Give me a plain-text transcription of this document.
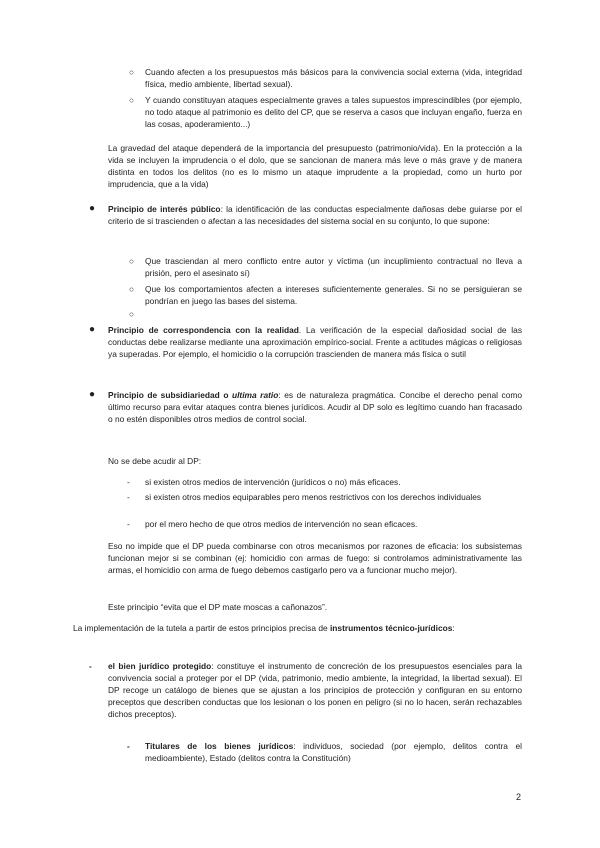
○ Cuando afecten a los presupuestos más básicos para la convivencia social externa (vida, integridad física, medio ambiente, libertad sexual).

○ Y cuando constituyan ataques especialmente graves a tales supuestos imprescindibles (por ejemplo, no todo ataque al patrimonio es delito del CP, que se reserva a casos que incluyan engaño, fuerza en las cosas, apoderamiento...)

La gravedad del ataque dependerá de la importancia del presupuesto (patrimonio/vida). En la protección a la vida se incluyen la imprudencia o el dolo, que se sancionan de manera más leve o más grave y de manera distinta en todos los delitos (no es lo mismo un ataque imprudente a la propiedad, como un hurto por imprudencia, que a la vida)

● Principio de interés público: la identificación de las conductas especialmente dañosas debe guiarse por el criterio de si trascienden o afectan a las necesidades del sistema social en su conjunto, lo que supone:

○ Que trasciendan al mero conflicto entre autor y víctima (un incuplimiento contractual no lleva a prisión, pero el asesinato sí)

○ Que los comportamientos afecten a intereses suficientemente generales. Si no se persiguieran se pondrían en juego las bases del sistema.

○

● Principio de correspondencia con la realidad. La verificación de la especial dañosidad social de las conductas debe realizarse mediante una aproximación empírico-social. Frente a actitudes mágicas o religiosas ya superadas. Por ejemplo, el homicidio o la corrupción trascienden de manera más física o sutil

● Principio de subsidiariedad o ultima ratio: es de naturaleza pragmática. Concibe el derecho penal como último recurso para evitar ataques contra bienes jurídicos. Acudir al DP solo es legítimo cuando han fracasado o no estén disponibles otros medios de control social.

No se debe acudir al DP:

- si existen otros medios de intervención (jurídicos o no) más eficaces.

- si existen otros medios equiparables pero menos restrictivos con los derechos individuales

- por el mero hecho de que otros medios de intervención no sean eficaces.

Eso no impide que el DP pueda combinarse con otros mecanismos por razones de eficacia: los subsistemas funcionan mejor si se combinan (ej: homicidio con armas de fuego: si controlamos administrativamente las armas, el homicidio con arma de fuego debemos castigarlo pero va a funcionar mucho mejor).

Este principio “evita que el DP mate moscas a cañonazos”.

La implementación de la tutela a partir de estos principios precisa de instrumentos técnico-jurídicos:

- el bien jurídico protegido: constituye el instrumento de concreción de los presupuestos esenciales para la convivencia social a proteger por el DP (vida, patrimonio, medio ambiente, la integridad, la libertad sexual). El DP recoge un catálogo de bienes que se ajustan a los principios de protección y configuran en su entorno preceptos que describen conductas que los lesionan o los ponen en peligro (si no lo hacen, serán rechazables dichos preceptos).

- Titulares de los bienes jurídicos: individuos, sociedad (por ejemplo, delitos contra el medioambiente), Estado (delitos contra la Constitución)

2
